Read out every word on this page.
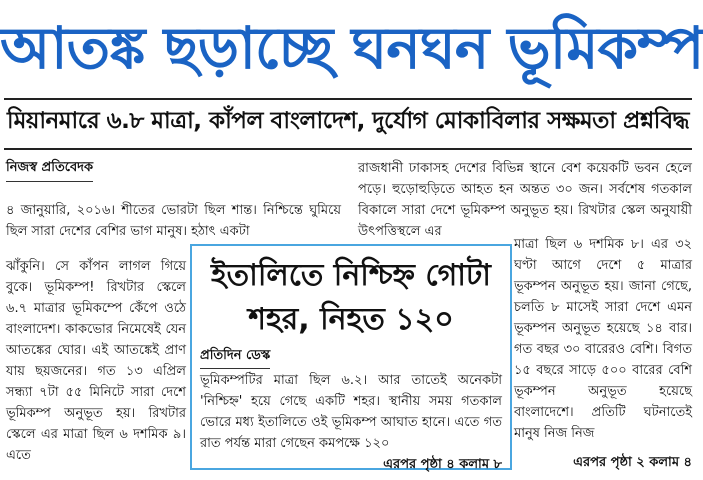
আতঙ্ক ছড়াচ্ছে ঘনঘন ভূমিকম্প
মিয়ানমারে ৬.৮ মাত্রা, কাঁপল বাংলাদেশ, দুর্যোগ মোকাবিলার সক্ষমতা প্রশ্নবিদ্ধ
নিজস্ব প্রতিবেদক
৪ জানুয়ারি, ২০১৬। শীতের ভোরটা ছিল শান্ত। নিশ্চিন্তে ঘুমিয়ে ছিল সারা দেশের বেশির ভাগ মানুষ। হঠাৎ একটা
ঝাঁকুনি। সে কাঁপন লাগল গিয়ে বুকে। ভূমিকম্প! রিখটার স্কেলে ৬.৭ মাত্রার ভূমিকম্পে কেঁপে ওঠে বাংলাদেশ। কাকভোর নিমেষেই যেন আতঙ্কের ঘোর। এই আতঙ্কেই প্রাণ যায় ছয়জনের। গত ১৩ এপ্রিল সন্ধ্যা ৭টা ৫৫ মিনিটে সারা দেশে ভূমিকম্প অনুভূত হয়। রিখটার স্কেলে এর মাত্রা ছিল ৬ দশমিক ৯। এতে
রাজধানী ঢাকাসহ দেশের বিভিন্ন স্থানে বেশ কয়েকটি ভবন হেলে পড়ে। হুড়োহুড়িতে আহত হন অন্তত ৩০ জন। সর্বশেষ গতকাল বিকালে সারা দেশে ভূমিকম্প অনুভূত হয়। রিখটার স্কেল অনুযায়ী উৎপত্তিস্থলে এর
মাত্রা ছিল ৬ দশমিক ৮। এর ৩২ ঘণ্টা আগে দেশে ৫ মাত্রার ভূকম্পন অনুভূত হয়। জানা গেছে, চলতি ৮ মাসেই সারা দেশে এমন ভূকম্পন অনুভূত হয়েছে ১৪ বার। গত বছর ৩০ বারেরও বেশি। বিগত ১৫ বছরে সাড়ে ৫০০ বারের বেশি ভূকম্পন অনুভূত হয়েছে বাংলাদেশে। প্রতিটি ঘটনাতেই মানুষ নিজ নিজ
এরপর পৃষ্ঠা ২ কলাম ৪
ইতালিতে নিশ্চিহ্ন গোটা শহর, নিহত ১২০
প্রতিদিন ডেস্ক
ভূমিকম্পটির মাত্রা ছিল ৬.২। আর তাতেই অনেকটা 'নিশ্চিহ্ন' হয়ে গেছে একটি শহর। স্থানীয় সময় গতকাল ভোরে মধ্য ইতালিতে ওই ভূমিকম্প আঘাত হানে। এতে গত রাত পর্যন্ত মারা গেছেন কমপক্ষে ১২০
এরপর পৃষ্ঠা ৪ কলাম ৮
